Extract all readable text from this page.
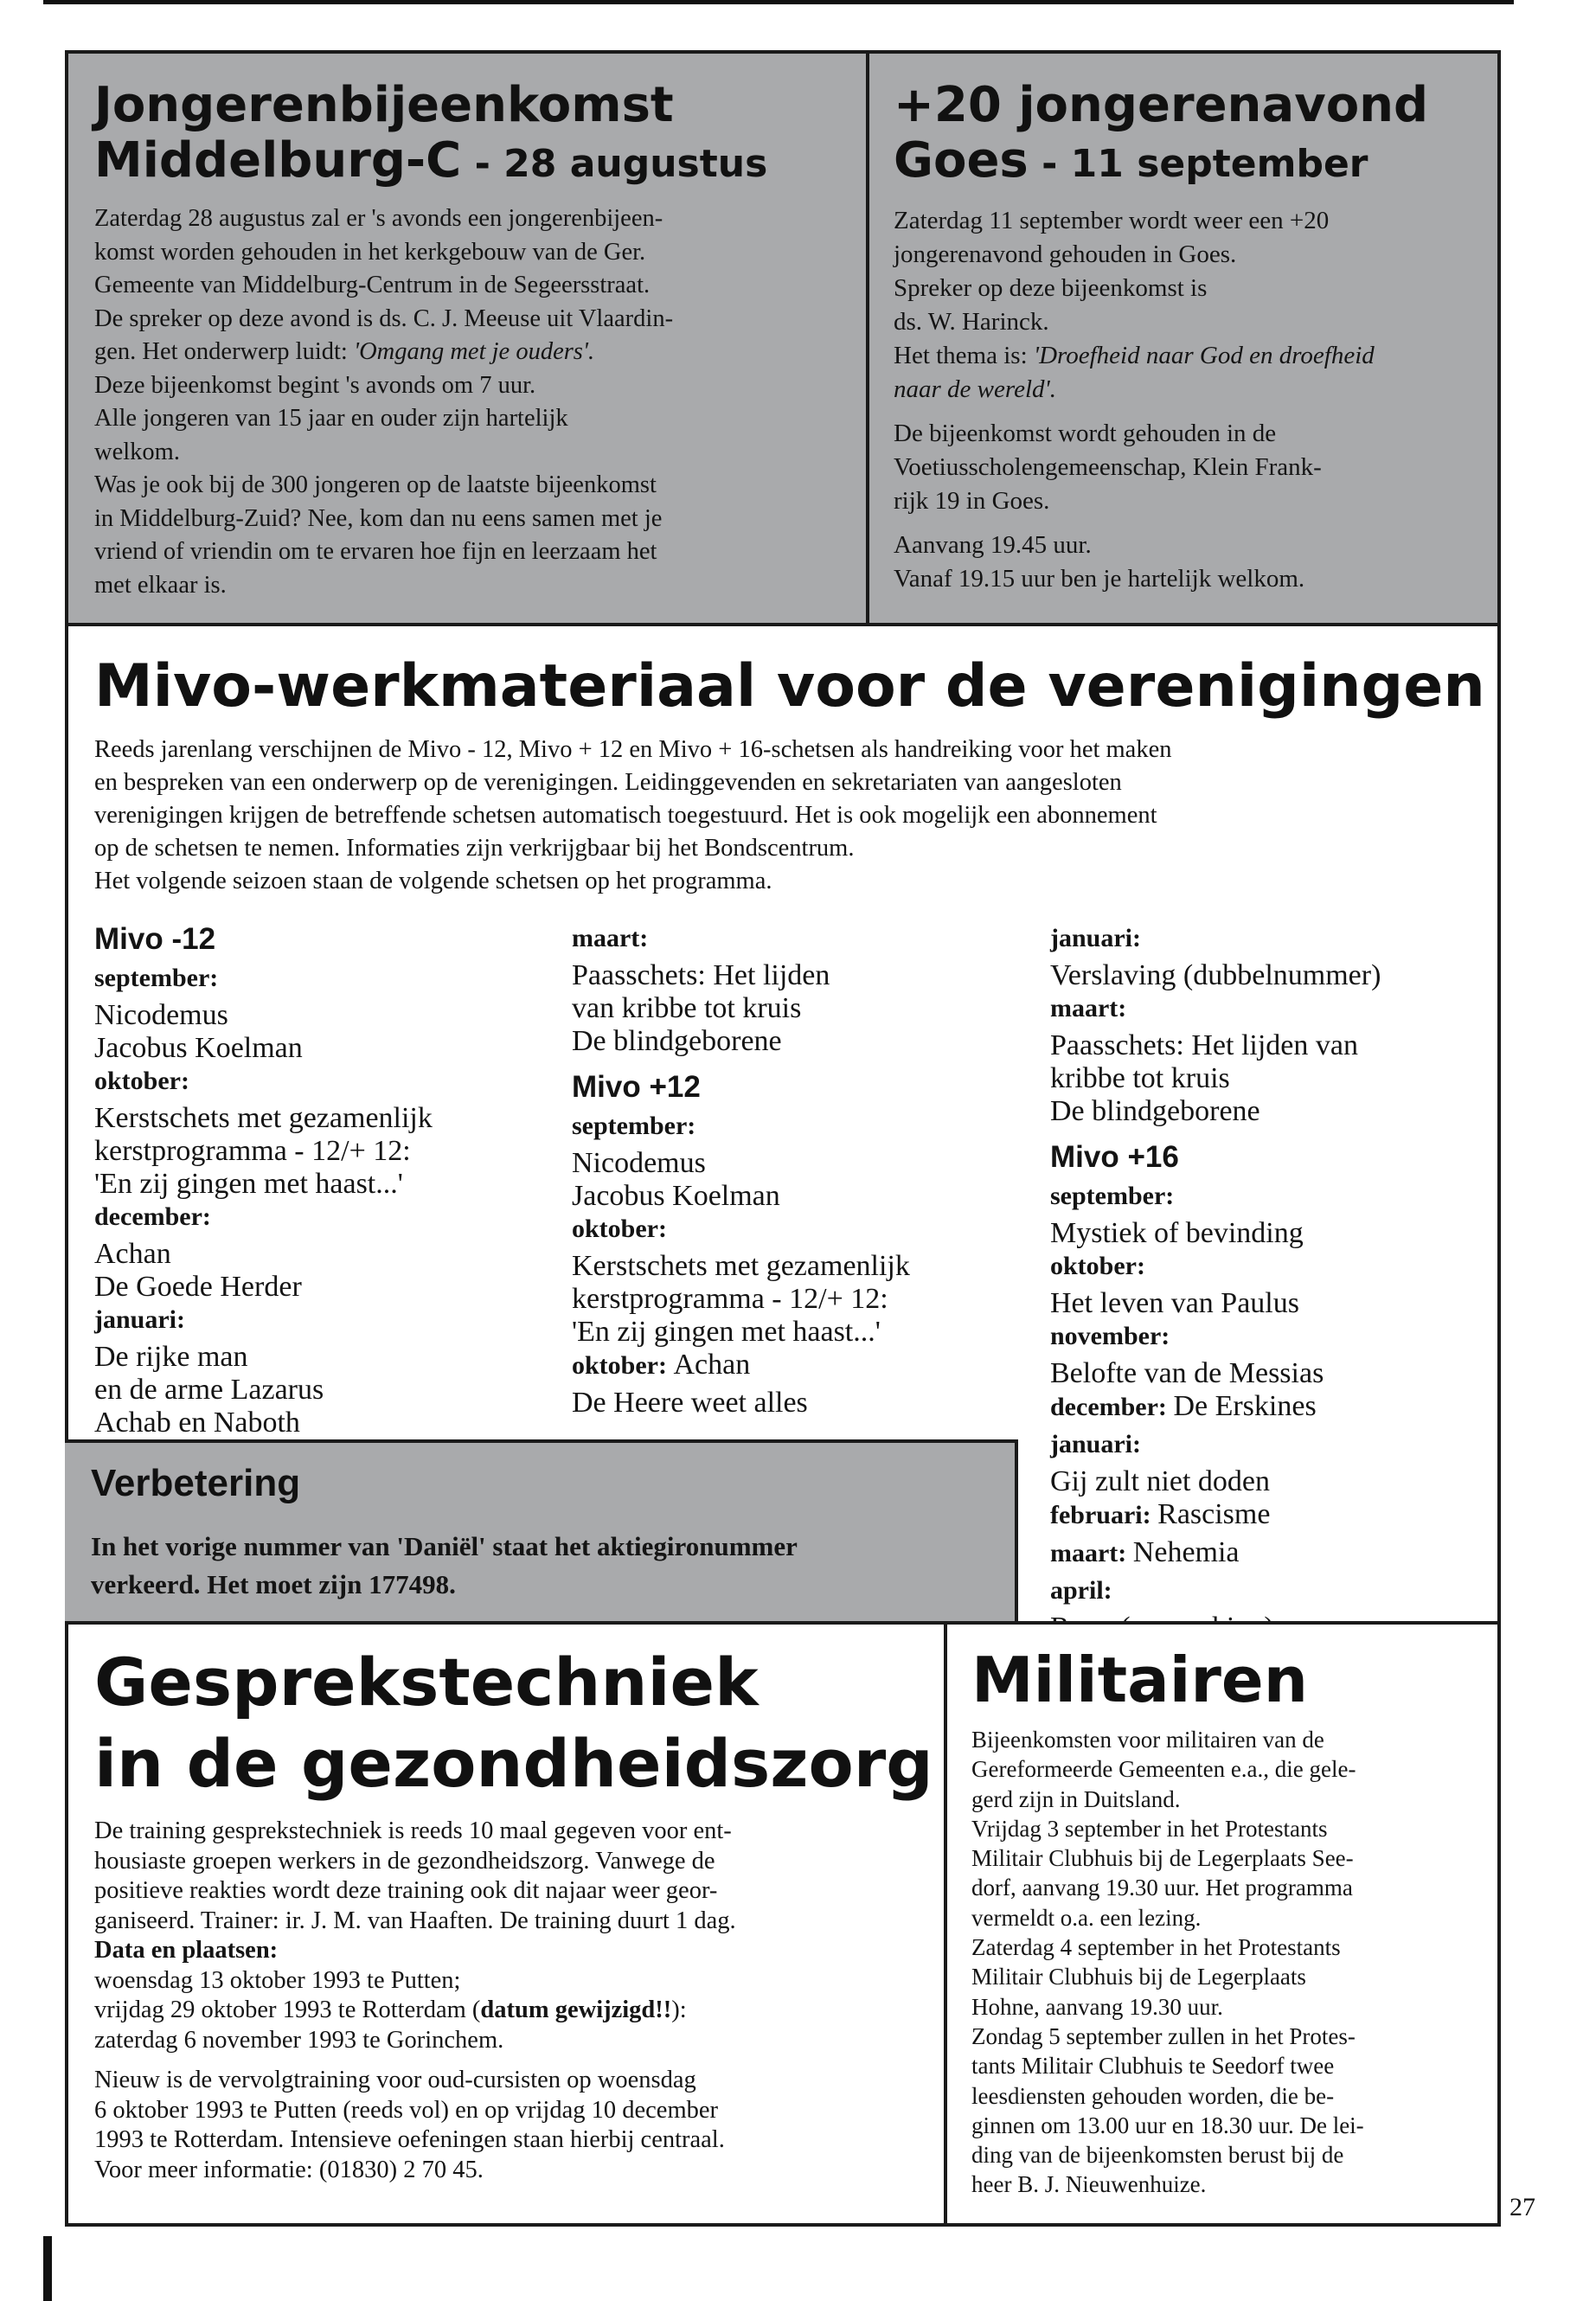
Jongerenbijeenkomst
Middelburg-C - 28 augustus
Zaterdag 28 augustus zal er 's avonds een jongerenbijeen-
komst worden gehouden in het kerkgebouw van de Ger.
Gemeente van Middelburg-Centrum in de Segeersstraat.
De spreker op deze avond is ds. C. J. Meeuse uit Vlaardin-
gen. Het onderwerp luidt: 'Omgang met je ouders'.
Deze bijeenkomst begint 's avonds om 7 uur.
Alle jongeren van 15 jaar en ouder zijn hartelijk
welkom.
Was je ook bij de 300 jongeren op de laatste bijeenkomst
in Middelburg-Zuid? Nee, kom dan nu eens samen met je
vriend of vriendin om te ervaren hoe fijn en leerzaam het
met elkaar is.
+20 jongerenavond
Goes - 11 september
Zaterdag 11 september wordt weer een +20
jongerenavond gehouden in Goes.
Spreker op deze bijeenkomst is
ds. W. Harinck.
Het thema is: 'Droefheid naar God en droefheid
naar de wereld'.
De bijeenkomst wordt gehouden in de
Voetiusscholengemeenschap, Klein Frank-
rijk 19 in Goes.
Aanvang 19.45 uur.
Vanaf 19.15 uur ben je hartelijk welkom.
Mivo-werkmateriaal voor de verenigingen
Reeds jarenlang verschijnen de Mivo - 12, Mivo + 12 en Mivo + 16-schetsen als handreiking voor het maken
en bespreken van een onderwerp op de verenigingen. Leidinggevenden en sekretariaten van aangesloten
verenigingen krijgen de betreffende schetsen automatisch toegestuurd. Het is ook mogelijk een abonnement
op de schetsen te nemen. Informaties zijn verkrijgbaar bij het Bondscentrum.
Het volgende seizoen staan de volgende schetsen op het programma.
Mivo -12
september:
Nicodemus
Jacobus Koelman
oktober:
Kerstschets met gezamenlijk
kerstprogramma - 12/+ 12:
'En zij gingen met haast...'
december:
Achan
De Goede Herder
januari:
De rijke man
en de arme Lazarus
Achab en Naboth
maart:
Paasschets: Het lijden
van kribbe tot kruis
De blindgeborene
Mivo +12
september:
Nicodemus
Jacobus Koelman
oktober:
Kerstschets met gezamenlijk
kerstprogramma - 12/+ 12:
'En zij gingen met haast...'
oktober: Achan
De Heere weet alles
januari:
Verslaving (dubbelnummer)
maart:
Paasschets: Het lijden van
kribbe tot kruis
De blindgeborene
Mivo +16
september:
Mystiek of bevinding
oktober:
Het leven van Paulus
november:
Belofte van de Messias
december: De Erskines
januari:
Gij zult niet doden
februari: Rascisme
maart: Nehemia
april:
Verbetering
In het vorige nummer van 'Daniël' staat het aktiegironummer
verkeerd. Het moet zijn 177498.
Gesprekstechniek
in de gezondheidszorg
De training gesprekstechniek is reeds 10 maal gegeven voor ent-
housiaste groepen werkers in de gezondheidszorg. Vanwege de
positieve reakties wordt deze training ook dit najaar weer geor-
ganiseerd. Trainer: ir. J. M. van Haaften. De training duurt 1 dag.
Data en plaatsen:
woensdag 13 oktober 1993 te Putten;
vrijdag 29 oktober 1993 te Rotterdam (datum gewijzigd!!):
zaterdag 6 november 1993 te Gorinchem.
Nieuw is de vervolgtraining voor oud-cursisten op woensdag
6 oktober 1993 te Putten (reeds vol) en op vrijdag 10 december
1993 te Rotterdam. Intensieve oefeningen staan hierbij centraal.
Voor meer informatie: (01830) 2 70 45.
Militairen
Bijeenkomsten voor militairen van de
Gereformeerde Gemeenten e.a., die gele-
gerd zijn in Duitsland.
Vrijdag 3 september in het Protestants
Militair Clubhuis bij de Legerplaats See-
dorf, aanvang 19.30 uur. Het programma
vermeldt o.a. een lezing.
Zaterdag 4 september in het Protestants
Militair Clubhuis bij de Legerplaats
Hohne, aanvang 19.30 uur.
Zondag 5 september zullen in het Protes-
tants Militair Clubhuis te Seedorf twee
leesdiensten gehouden worden, die be-
ginnen om 13.00 uur en 18.30 uur. De lei-
ding van de bijeenkomsten berust bij de
heer B. J. Nieuwenhuize.
27
